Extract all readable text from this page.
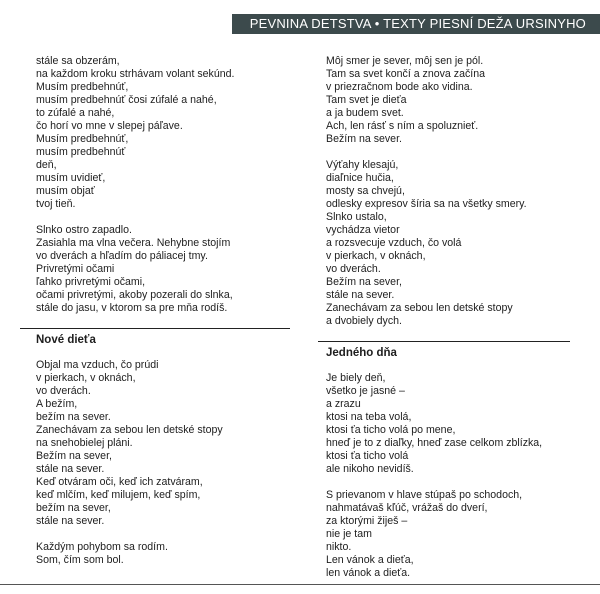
PEVNINA DETSTVA • TEXTY PIESNÍ DEŽA URSINYHO
stále sa obzerám,
na každom kroku strhávam volant sekúnd.
Musím predbehnúť,
musím predbehnúť čosi zúfalé a nahé,
to zúfalé a nahé,
čo horí vo mne v slepej páľave.
Musím predbehnúť,
musím predbehnúť
deň,
musím uvidieť,
musím objať
tvoj tieň.
Slnko ostro zapadlo.
Zasiahla ma vlna večera. Nehybne stojím
vo dverách a hľadím do páliacej tmy.
Privretými očami
ľahko privretými očami,
očami privretými, akoby pozerali do slnka,
stále do jasu, v ktorom sa pre mňa rodíš.
Nové dieťa
Objal ma vzduch, čo prúdi
v pierkach, v oknách,
vo dverách.
A bežím,
bežím na sever.
Zanechávam za sebou len detské stopy
na snehobielej pláni.
Bežím na sever,
stále na sever.
Keď otváram oči, keď ich zatváram,
keď mlčím, keď milujem, keď spím,
bežím na sever,
stále na sever.
Každým pohybom sa rodím.
Som, čím som bol.
Môj smer je sever, môj sen je pól.
Tam sa svet končí a znova začína
v priezračnom bode ako vidina.
Tam svet je dieťa
a ja budem svet.
Ach, len rásť s ním a spoluznieť.
Bežím na sever.
Výťahy klesajú,
diaľnice hučia,
mosty sa chvejú,
odlesky expresov šíria sa na všetky smery.
Slnko ustalo,
vychádza vietor
a rozsvecuje vzduch, čo volá
v pierkach, v oknách,
vo dverách.
Bežím na sever,
stále na sever.
Zanechávam za sebou len detské stopy
a dvobiely dych.
Jedného dňa
Je biely deň,
všetko je jasné –
a zrazu
ktosi na teba volá,
ktosi ťa ticho volá po mene,
hneď je to z diaľky, hneď zase celkom zblízka,
ktosi ťa ticho volá
ale nikoho nevidíš.
S prievanom v hlave stúpaš po schodoch,
nahmatávaš kľúč, vrážaš do dverí,
za ktorými žiješ –
nie je tam
nikto.
Len vánok a dieťa,
len vánok a dieťa.
